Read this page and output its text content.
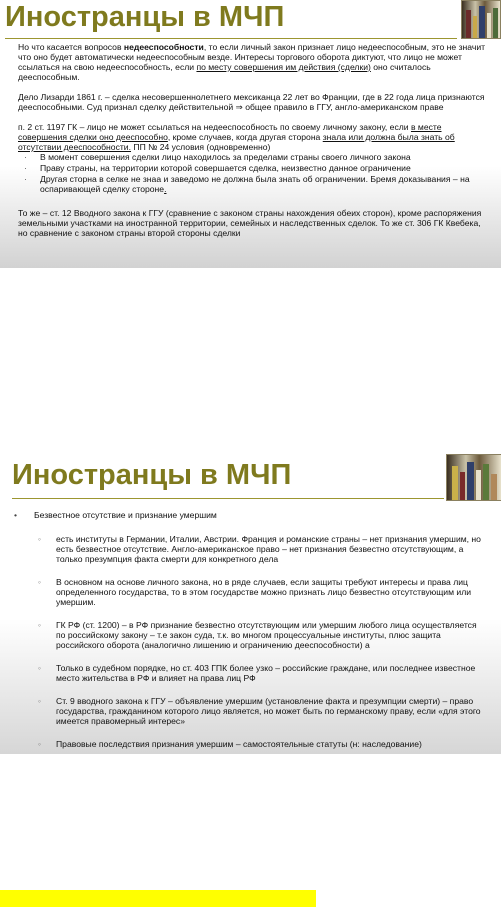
Иностранцы в МЧП

Но что касается вопросов недееспособности, то если личный закон признает лицо недееспособным, это не значит что оно будет автоматически недееспособным везде. Интересы торгового оборота диктуют, что лицо не может ссылаться на свою недееспособность, если по месту совершения им действия (сделки) оно считалось дееспособным.

Дело Лизарди 1861 г. – сделка несовершеннолетнего мексиканца 22 лет во Франции, где в 22 года лица признаются дееспособными. Суд признал сделку действительной ⇒ общее правило в ГГУ, англо-американском праве

п. 2 ст. 1197 ГК – лицо не может ссылаться на недееспособность по своему личному закону, если в месте совершения сделки оно дееспособно, кроме случаев, когда другая сторона знала или должна была знать об отсутствии дееспособности. ПП № 24 условия (одновременно)

· В момент совершения сделки лицо находилось за пределами страны своего личного закона
· Праву страны, на территории которой совершается сделка, неизвестно данное ограничение
· Другая сторна в селке не знаа и заведомо не должна была знать об ограничении. Бремя доказывания – на оспаривающей сделку стороне.

То же – ст. 12 Вводного закона к ГГУ (сравнение с законом страны нахождения обеих сторон), кроме распоряжения земельными участками на иностранной территории, семейных и наследственных сделок. То же ст. 306 ГК Квебека, но сравнение с законом страны второй стороны сделки

Иностранцы в МЧП
• Безвестное отсутствие и признание умершим
◦ есть институты в Германии, Италии, Австрии. Франция и романские страны – нет признания умершим, но есть безвестное отсутствие. Англо-американское право – нет признания безвестно отсутствующим, а только презумпция факта смерти для конкретного дела
◦ В основном на основе личного закона, но в ряде случаев, если защиты требуют интересы и права лиц определенного государства, то в этом государстве можно признать лицо безвестно отсутствующим или умершим.
◦ ГК РФ (ст. 1200) – в РФ признание безвестно отсутствующим или умершим любого лица осуществляется по российскому закону – т.е закон суда, т.к. во многом процессуальные институты, плюс защита российского оборота (аналогично лишению и ограничению дееспособности) а
◦ Только в судебном порядке, но ст. 403 ГПК более узко – российские граждане, или последнее известное место жительства в РФ и влияет на права лиц РФ
◦ Ст. 9 вводного закона к ГГУ – объявление умершим (установление факта и презумпции смерти) – право государства, гражданином которого лицо является, но может быть по германскому праву, если «для этого имеется правомерный интерес»
◦ Правовые последствия признания умершим – самостоятельные статуты (н: наследование)
